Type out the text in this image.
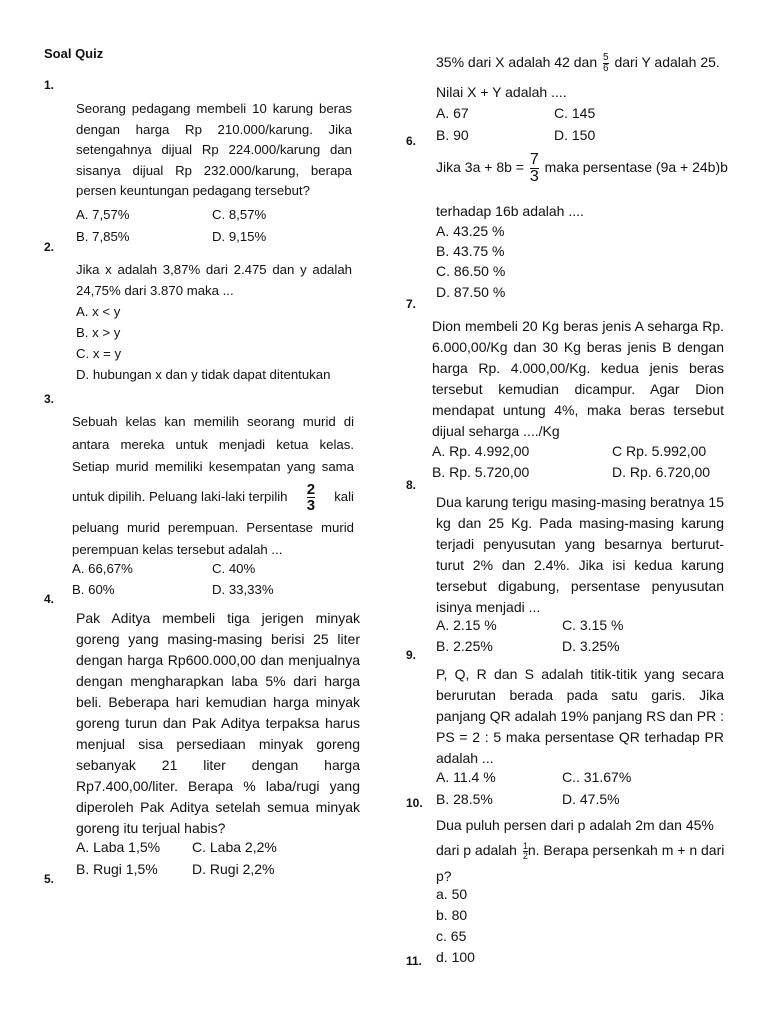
Soal Quiz
1.
Seorang pedagang membeli 10 karung beras
dengan harga Rp 210.000/karung. Jika
setengahnya dijual Rp 224.000/karung dan
sisanya dijual Rp 232.000/karung, berapa
persen keuntungan pedagang tersebut?
A. 7,57%	C. 8,57%
B. 7,85%	D. 9,15%
2.
Jika x adalah 3,87% dari 2.475 dan y adalah
24,75% dari 3.870 maka ...
A. x < y
B. x > y
C. x = y
D. hubungan x dan y tidak dapat ditentukan
3.
Sebuah kelas kan memilih seorang murid di
antara mereka untuk menjadi ketua kelas.
Setiap murid memiliki kesempatan yang sama
untuk dipilih. Peluang laki-laki terpilih $\frac{2}{3}$ kali
peluang murid perempuan. Persentase murid
perempuan kelas tersebut adalah ...
A. 66,67%	C. 40%
B. 60%	D. 33,33%
4.
Pak Aditya membeli tiga jerigen minyak
goreng yang masing-masing berisi 25 liter
dengan harga Rp600.000,00 dan menjualnya
dengan mengharapkan laba 5% dari harga
beli. Beberapa hari kemudian harga minyak
goreng turun dan Pak Aditya terpaksa harus
menjual sisa persediaan minyak goreng
sebanyak 21 liter dengan harga
Rp7.400,00/liter. Berapa % laba/rugi yang
diperoleh Pak Aditya setelah semua minyak
goreng itu terjual habis?
A. Laba 1,5% C. Laba 2,2%
B. Rugi 1,5% D. Rugi 2,2%
5.
35% dari X adalah 42 dan $\frac{5}{6}$ dari Y adalah 25.
Nilai X + Y adalah ....
A. 67	C. 145
B. 90	D. 150
6.
Jika $3a + 8b = \frac{7}{3}$ maka persentase (9a + 24b)b
terhadap 16b adalah ....
A. 43.25 %
B. 43.75 %
C. 86.50 %
D. 87.50 %
7.
Dion membeli 20 Kg beras jenis A seharga Rp.
6.000,00/Kg dan 30 Kg beras jenis B dengan
harga Rp. 4.000,00/Kg. kedua jenis beras
tersebut kemudian dicampur. Agar Dion
mendapat untung 4%, maka beras tersebut
dijual seharga ..../Kg
A. Rp. 4.992,00	C Rp. 5.992,00
B. Rp. 5.720,00	D. Rp. 6.720,00
8.
Dua karung terigu masing-masing beratnya 15
kg dan 25 Kg. Pada masing-masing karung
terjadi penyusutan yang besarnya berturut-
turut 2% dan 2.4%. Jika isi kedua karung
tersebut digabung, persentase penyusutan
isinya menjadi ...
A. 2.15 %	C. 3.15 %
B. 2.25%	D. 3.25%
9.
P, Q, R dan S adalah titik-titik yang secara
berurutan berada pada satu garis. Jika
panjang QR adalah 19% panjang RS dan PR :
PS = 2 : 5 maka persentase QR terhadap PR
adalah ...
A. 11.4 %	C.. 31.67%
B. 28.5%	D. 47.5%
10.
Dua puluh persen dari p adalah 2m dan 45%
dari p adalah $\frac{1}{2} n$. Berapa persenkah m + n dari
p?
a. 50
b. 80
c. 65
d. 100
11.
